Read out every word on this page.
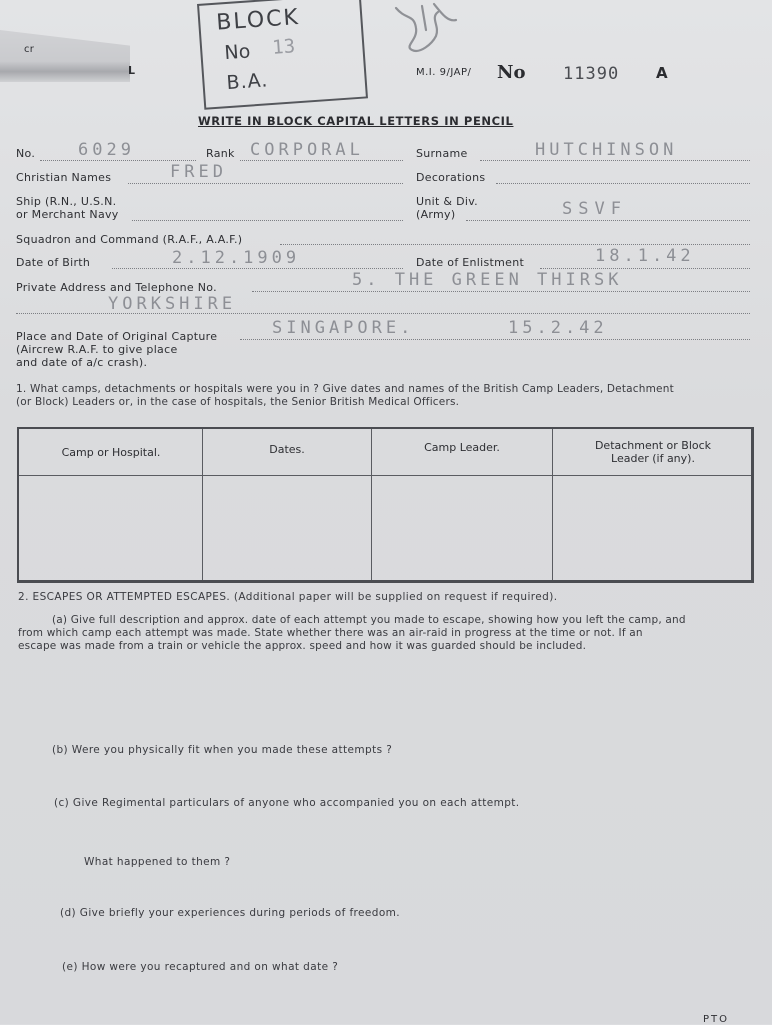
cr
L
BLOCK
No 13
B.A.	M.I. 9/JAP/ No 11390 A
WRITE IN BLOCK CAPITAL LETTERS IN PENCIL
No.	6029	Rank CORPORAL	Surname	HUTCHINSON
Christian Names	FRED	Decorations
Ship (R.N., U.S.N.
or Merchant Navy
Unit & Div.
(Army)	SSVF
Squadron and Command (R.A.F., A.A.F.)
Date of Birth	2.12.1909	Date of Enlistment	18.1.42
Private Address and Telephone No.	5. THE GREEN THIRSK
YORKSHIRE
Place and Date of Original Capture
(Aircrew R.A.F. to give place
and date of a/c crash).
SINGAPORE.	15.2.42
1. What camps, detachments or hospitals were you in ? Give dates and names of the British Camp Leaders, Detachment
(or Block) Leaders or, in the case of hospitals, the Senior British Medical Officers.
Camp or Hospital.	Dates.	Camp Leader.	Detachment or Block
Leader (if any).
2. ESCAPES OR ATTEMPTED ESCAPES. (Additional paper will be supplied on request if required).
(a) Give full description and approx. date of each attempt you made to escape, showing how you left the camp, and
from which camp each attempt was made. State whether there was an air-raid in progress at the time or not. If an
escape was made from a train or vehicle the approx. speed and how it was guarded should be included.
(b) Were you physically fit when you made these attempts ?
(c) Give Regimental particulars of anyone who accompanied you on each attempt.
What happened to them ?
(d) Give briefly your experiences during periods of freedom.
(e) How were you recaptured and on what date ?
PTO
